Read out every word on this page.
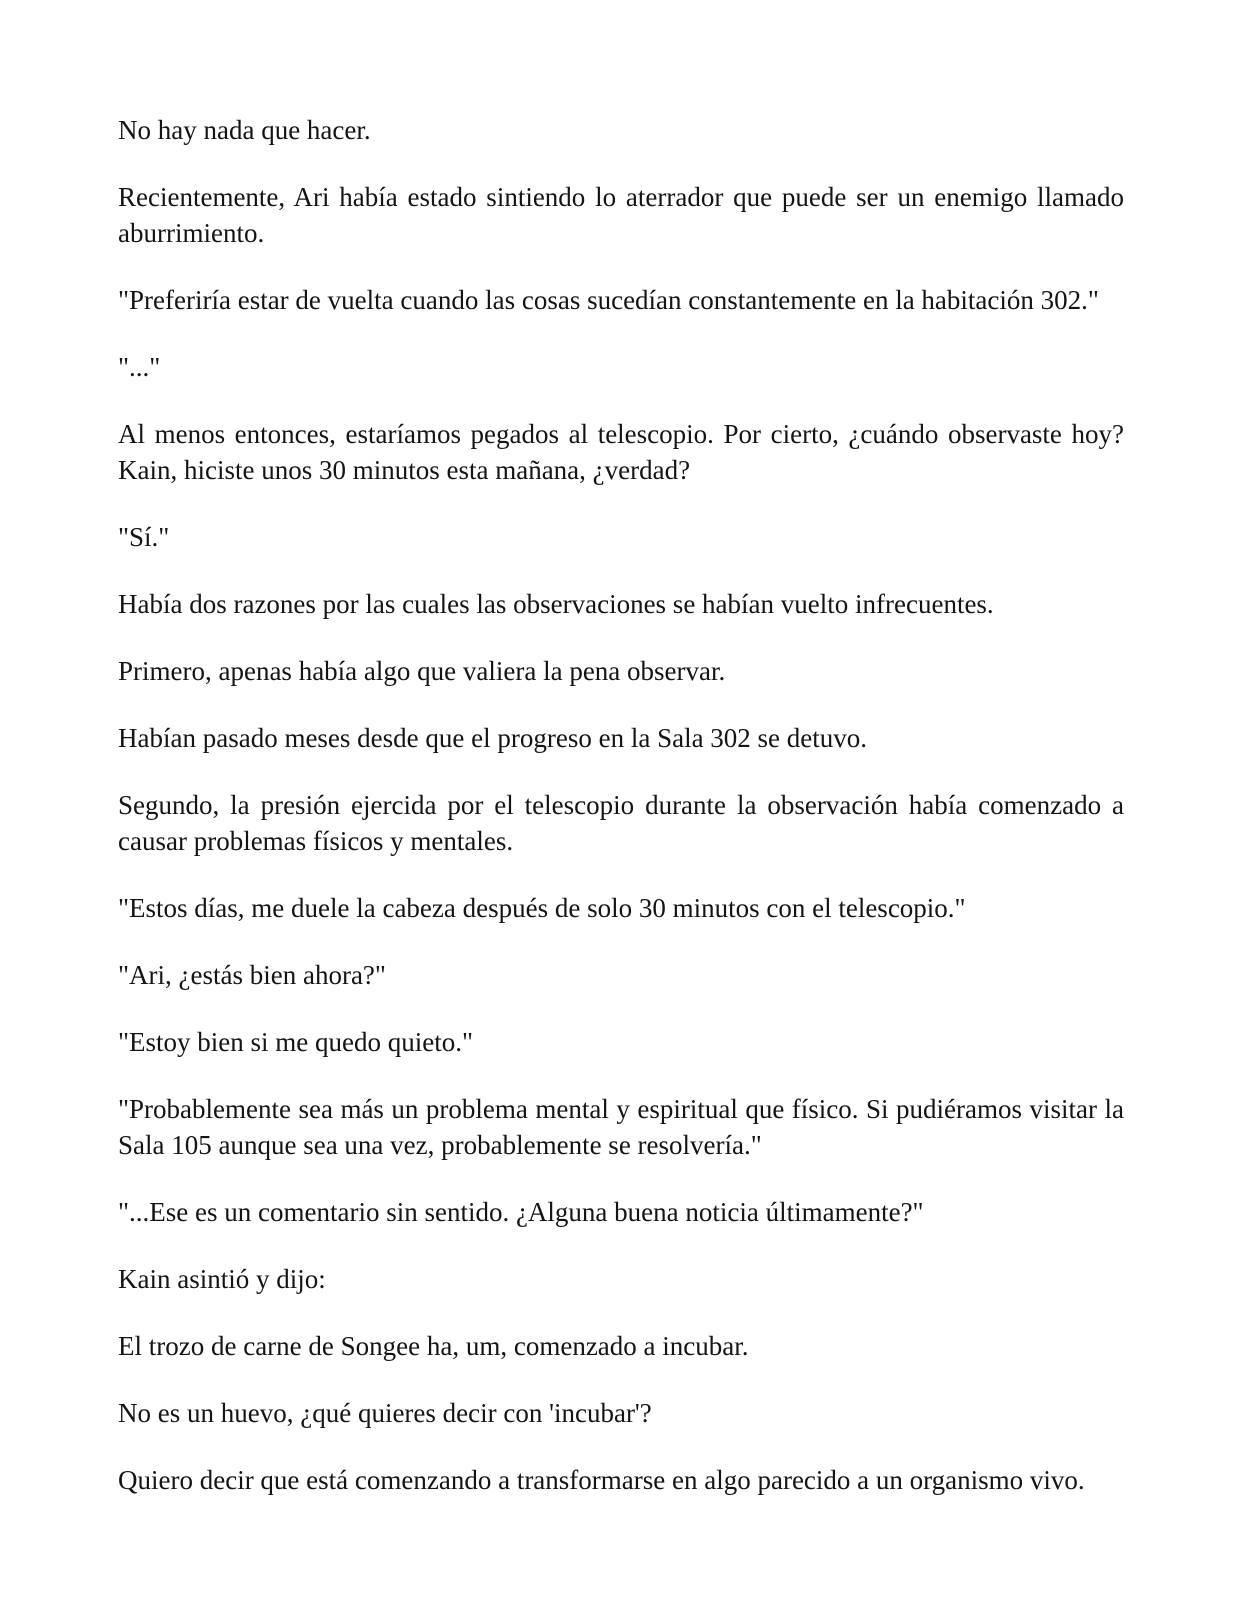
No hay nada que hacer.

Recientemente, Ari había estado sintiendo lo aterrador que puede ser un enemigo llamado aburrimiento.

"Preferiría estar de vuelta cuando las cosas sucedían constantemente en la habitación 302."

"..."

Al menos entonces, estaríamos pegados al telescopio. Por cierto, ¿cuándo observaste hoy? Kain, hiciste unos 30 minutos esta mañana, ¿verdad?

"Sí."

Había dos razones por las cuales las observaciones se habían vuelto infrecuentes.

Primero, apenas había algo que valiera la pena observar.

Habían pasado meses desde que el progreso en la Sala 302 se detuvo.

Segundo, la presión ejercida por el telescopio durante la observación había comenzado a causar problemas físicos y mentales.

"Estos días, me duele la cabeza después de solo 30 minutos con el telescopio."

"Ari, ¿estás bien ahora?"

"Estoy bien si me quedo quieto."

"Probablemente sea más un problema mental y espiritual que físico. Si pudiéramos visitar la Sala 105 aunque sea una vez, probablemente se resolvería."

"...Ese es un comentario sin sentido. ¿Alguna buena noticia últimamente?"

Kain asintió y dijo:

El trozo de carne de Songee ha, um, comenzado a incubar.

No es un huevo, ¿qué quieres decir con 'incubar'?

Quiero decir que está comenzando a transformarse en algo parecido a un organismo vivo.
